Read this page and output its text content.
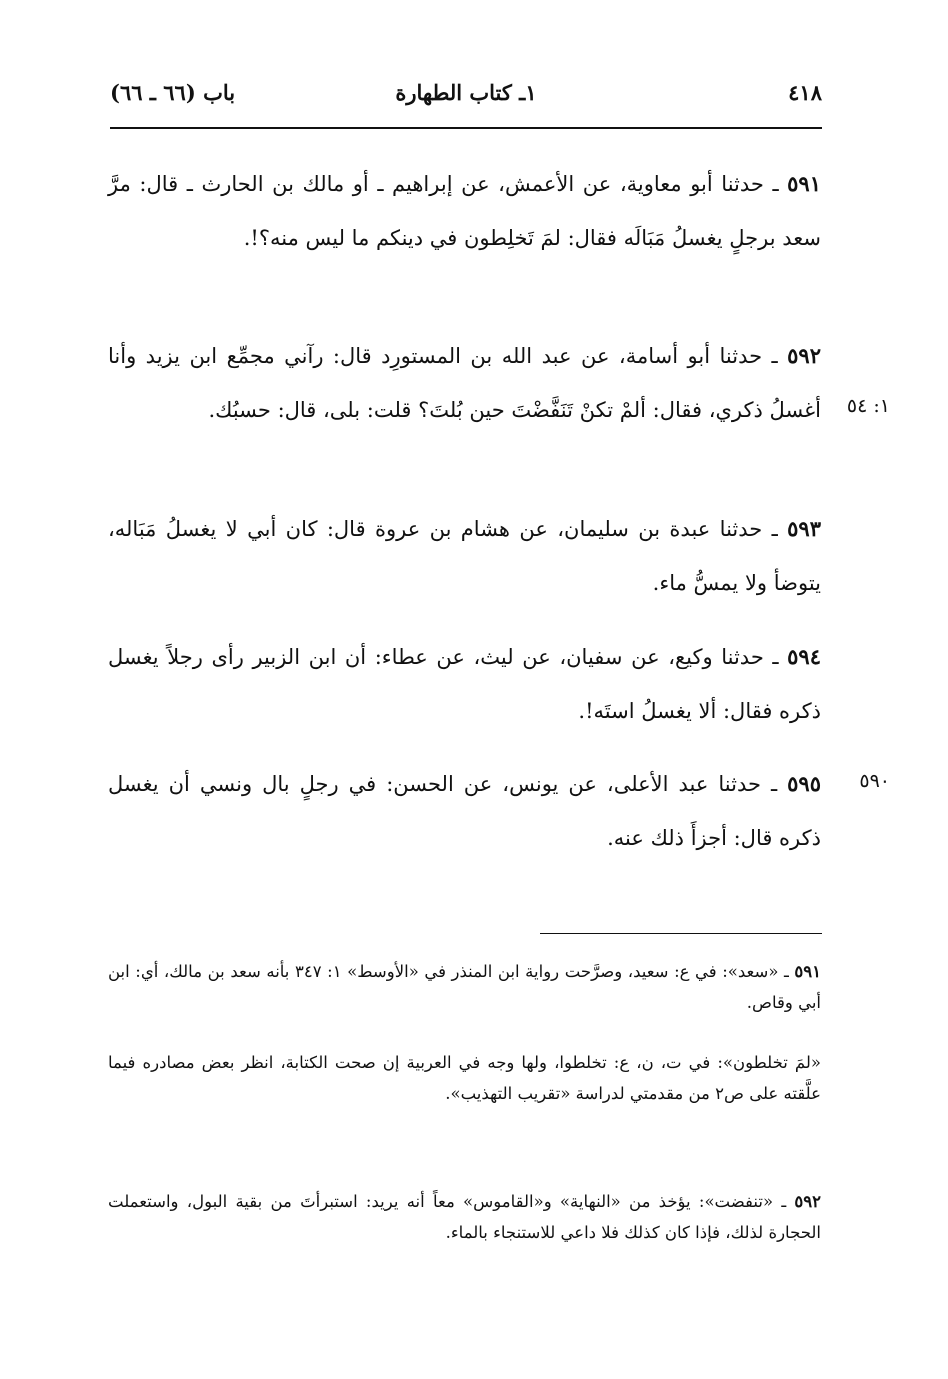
باب (٦٦ ـ ٦٦)	١ـ كتاب الطهارة	٤١٨
٥٩١ ـ حدثنا أبو معاوية، عن الأعمش، عن إبراهيم ـ أو مالك بن الحارث ـ قال: مرَّ سعد برجلٍ يغسلُ مَبَالَه فقال: لمَ تَخلِطون في دينكم ما ليس منه؟!.
٥٩٢ ـ حدثنا أبو أسامة، عن عبد الله بن المستورِد قال: رآني مجمِّع ابن يزيد وأنا أغسلُ ذكري، فقال: ألمْ تكنْ تَنَفَّضْتَ حين بُلتَ؟ قلت: بلى، قال: حسبُك.	١: ٥٤
٥٩٣ ـ حدثنا عبدة بن سليمان، عن هشام بن عروة قال: كان أبي لا يغسلُ مَبَاله، يتوضأ ولا يمسُّ ماء.
٥٩٤ ـ حدثنا وكيع، عن سفيان، عن ليث، عن عطاء: أن ابن الزبير رأى رجلاً يغسل ذكره فقال: ألا يغسلُ استَه!.
٥٩٥ ـ حدثنا عبد الأعلى، عن يونس، عن الحسن: في رجلٍ بال ونسي أن يغسل ذكره قال: أجزأَ ذلك عنه.
٥٩٠
٥٩١ ـ «سعد»: في ع: سعيد، وصرَّحت رواية ابن المنذر في «الأوسط» ١: ٣٤٧ بأنه سعد بن مالك، أي: ابن أبي وقاص.
«لمَ تخلطون»: في ت، ن، ع: تخلطوا، ولها وجه في العربية إن صحت الكتابة، انظر بعض مصادره فيما علَّقته على ص٢ من مقدمتي لدراسة «تقريب التهذيب».
٥٩٢ ـ «تنفضت»: يؤخذ من «النهاية» و«القاموس» معاً أنه يريد: استبرأتَ من بقية البول، واستعملت الحجارة لذلك، فإذا كان كذلك فلا داعي للاستنجاء بالماء.
